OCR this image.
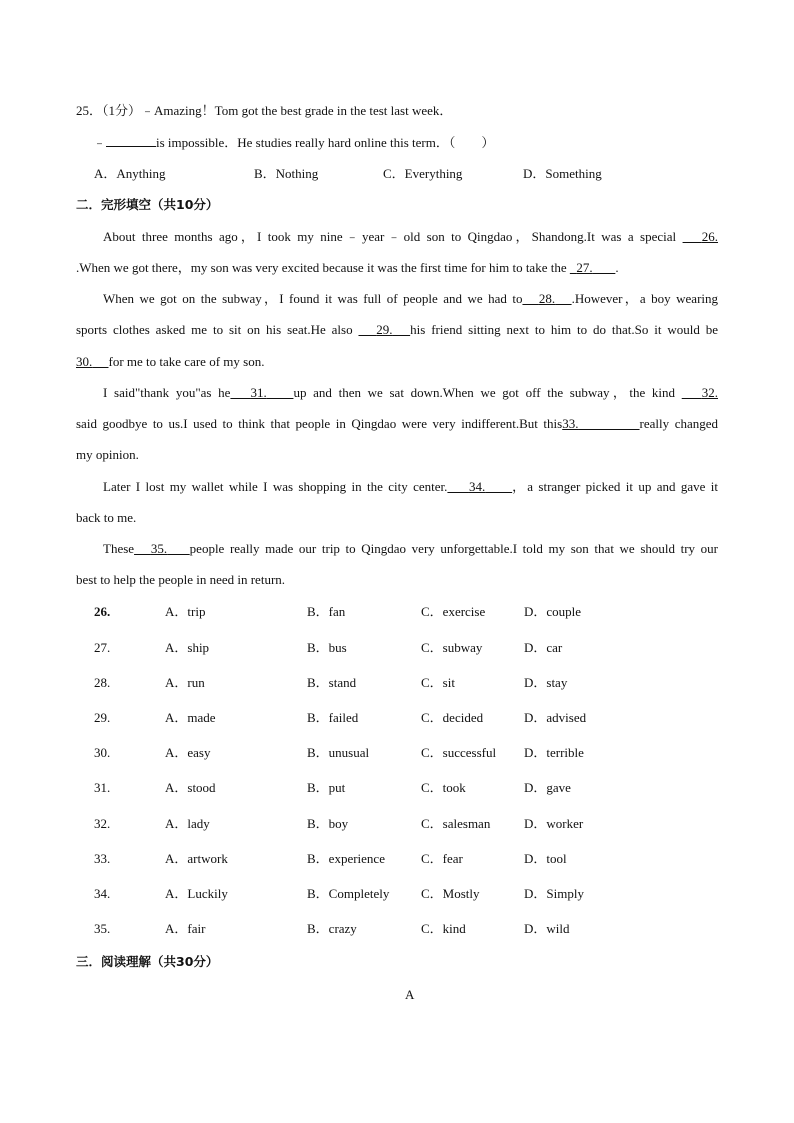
25．（1分）﹣Amazing！Tom got the best grade in the test last week．
﹣	is impossible．He studies really hard online this term．（　　）
A．Anything	B．Nothing	C．Everything	D．Something
二．完形填空（共10分）
About three months ago，I took my nine﹣year﹣old son to Qingdao，Shandong.It was a special 26.
.When we got there，my son was very excited because it was the first time for him to take the 27. .
When we got on the subway，I found it was full of people and we had to 28. .However，a boy wearing
sports clothes asked me to sit on his seat.He also 29. his friend sitting next to him to do that.So it would be
30. for me to take care of my son.
I said"thank you"as he 31. up and then we sat down.When we got off the subway，the kind 32.
said goodbye to us.I used to think that people in Qingdao were very indifferent.But this33.	really changed
my opinion.
Later I lost my wallet while I was shopping in the city center. 34. ，a stranger picked it up and gave it
back to me.
These 35. people really made our trip to Qingdao very unforgettable.I told my son that we should try our
best to help the people in need in return.
26.	A．trip	B．fan	C．exercise	D．couple
27.	A．ship	B．bus	C．subway	D．car
28.	A．run	B．stand	C．sit	D．stay
29.	A．made	B．failed	C．decided	D．advised
30.	A．easy	B．unusual	C．successful D．terrible
31.	A．stood	B．put	C．took	D．gave
32.	A．lady	B．boy	C．salesman	D．worker
33.	A．artwork	B．experience	C．fear	D．tool
34.	A．Luckily	B．Completely C．Mostly	D．Simply
35.	A．fair	B．crazy	C．kind	D．wild
三．阅读理解（共30分）
A
